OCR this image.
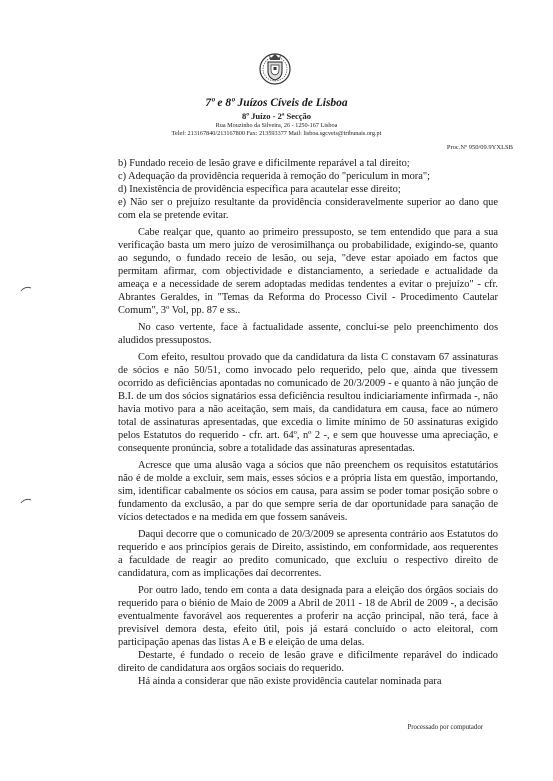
7º e 8º Juízos Cíveis de Lisboa
8º Juízo - 2ª Secção
Rua Mouzinho da Silveira, 26 - 1250-167 Lisboa
Telef: 213167840/213167800 Fax: 213593377 Mail: lisboa.sgcveis@tribunais.org.pt
Proc.Nº 950/09.9YXLSB

b) Fundado receio de lesão grave e dificilmente reparável a tal direito;

c) Adequação da providência requerida à remoção do "periculum in mora";

d) Inexistência de providência específica para acautelar esse direito;

e) Não ser o prejuízo resultante da providência consideravelmente superior ao dano que com ela se pretende evitar.

Cabe realçar que, quanto ao primeiro pressuposto, se tem entendido que para a sua verificação basta um mero juízo de verosimilhança ou probabilidade, exigindo-se, quanto ao segundo, o fundado receio de lesão, ou seja, "deve estar apoiado em factos que permitam afirmar, com objectividade e distanciamento, a seriedade e actualidade da ameaça e a necessidade de serem adoptadas medidas tendentes a evitar o prejuízo" - cfr. Abrantes Geraldes, in "Temas da Reforma do Processo Civil - Procedimento Cautelar Comum", 3º Vol, pp. 87 e ss..

No caso vertente, face à factualidade assente, conclui-se pelo preenchimento dos aludidos pressupostos.

Com efeito, resultou provado que da candidatura da lista C constavam 67 assinaturas de sócios e não 50/51, como invocado pelo requerido, pelo que, ainda que tivessem ocorrido as deficiências apontadas no comunicado de 20/3/2009 - e quanto à não junção de B.I. de um dos sócios signatários essa deficiência resultou indiciariamente infirmada -, não havia motivo para a não aceitação, sem mais, da candidatura em causa, face ao número total de assinaturas apresentadas, que excedia o limite mínimo de 50 assinaturas exigido pelos Estatutos do requerido - cfr. art. 64º, nº 2 -, e sem que houvesse uma apreciação, e consequente pronúncia, sobre a totalidade das assinaturas apresentadas.

Acresce que uma alusão vaga a sócios que não preenchem os requisitos estatutários não é de molde a excluir, sem mais, esses sócios e a própria lista em questão, importando, sim, identificar cabalmente os sócios em causa, para assim se poder tomar posição sobre o fundamento da exclusão, a par do que sempre seria de dar oportunidade para sanação de vícios detectados e na medida em que fossem sanáveis.

Daqui decorre que o comunicado de 20/3/2009 se apresenta contrário aos Estatutos do requerido e aos princípios gerais de Direito, assistindo, em conformidade, aos requerentes a faculdade de reagir ao predito comunicado, que excluiu o respectivo direito de candidatura, com as implicações daí decorrentes.

Por outro lado, tendo em conta a data designada para a eleição dos órgãos sociais do requerido para o biénio de Maio de 2009 a Abril de 2011 - 18 de Abril de 2009 -, a decisão eventualmente favorável aos requerentes a proferir na acção principal, não terá, face à previsível demora desta, efeito útil, pois já estará concluído o acto eleitoral, com participação apenas das listas A e B e eleição de uma delas.

Destarte, é fundado o receio de lesão grave e dificilmente reparável do indicado direito de candidatura aos orgãos sociais do requerido.

Há ainda a considerar que não existe providência cautelar nominada para

Processado por computador
